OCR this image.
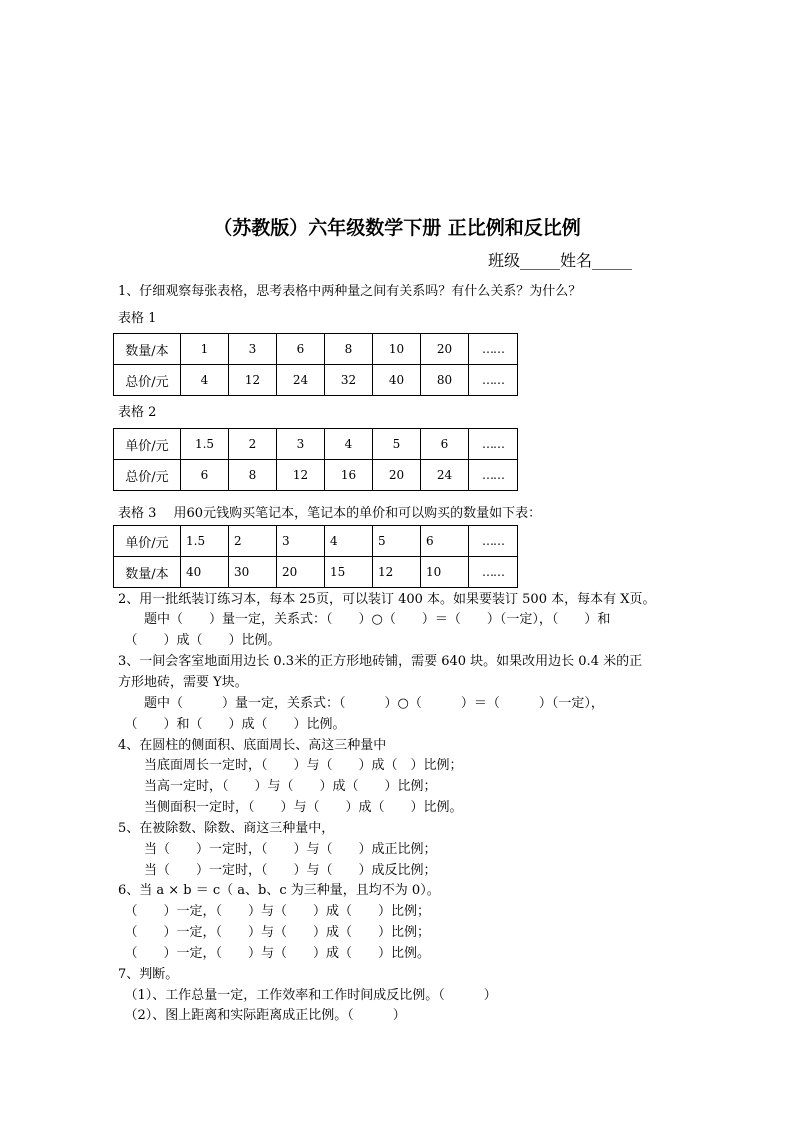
（苏教版）六年级数学下册 正比例和反比例
班级_____姓名_____
1、仔细观察每张表格，思考表格中两种量之间有关系吗？有什么关系？为什么？
表格 1
数量/本	1	3	6	8	10	20	……
总价/元	4	12	24	32	40	80	……
表格 2
单价/元	1.5	2	3	4	5	6	……
总价/元	6	8	12	16	20	24	……
表格 3　 用60元钱购买笔记本，笔记本的单价和可以购买的数量如下表：
单价/元	1.5	2	3	4	5	6	……
数量/本	40	30	20	15	12	10	……
2、用一批纸装订练习本，每本 25页，可以装订 400 本。如果要装订 500 本，每本有 X页。
　　题中（　　）量一定，关系式：（　　）○（　　）＝（　　）（一定），（　　）和
　（　　）成（　　）比例。
3、一间会客室地面用边长 0.3米的正方形地砖铺，需要 640 块。如果改用边长 0.4 米的正
方形地砖，需要 Y块。
　　题中（　　　）量一定，关系式：（　　　）○（　　　）＝（　　　）（一定），
　（　　）和（　　）成（　　）比例。
4、在圆柱的侧面积、底面周长、高这三种量中
　　当底面周长一定时，（　　）与（　　）成（　）比例；
　　当高一定时，（　　）与（　　）成（　　）比例；
　　当侧面积一定时，（　　）与（　　）成（　　）比例。
5、在被除数、除数、商这三种量中，
　　当（　　）一定时，（　　）与（　　）成正比例；
　　当（　　）一定时，（　　）与（　　）成反比例；
6、当 a × b ＝ c（ a、b、c 为三种量，且均不为 0）。
　（　　）一定，（　　）与（　　）成（　　）比例；
　（　　）一定，（　　）与（　　）成（　　）比例；
　（　　）一定，（　　）与（　　）成（　　）比例。
7、判断。
　（1）、工作总量一定，工作效率和工作时间成反比例。（　　　）
　（2）、图上距离和实际距离成正比例。（　　　）
